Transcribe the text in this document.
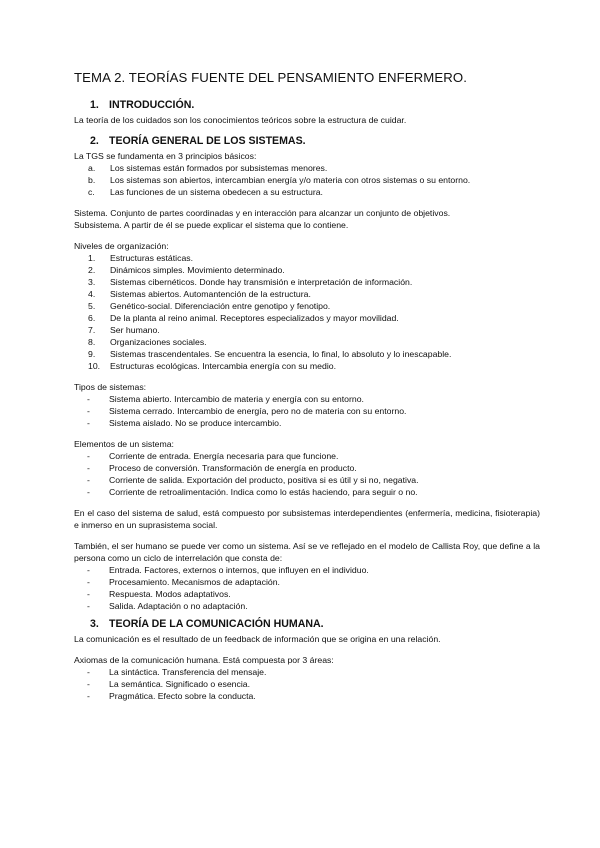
TEMA 2. TEORÍAS FUENTE DEL PENSAMIENTO ENFERMERO.
1. INTRODUCCIÓN.

La teoría de los cuidados son los conocimientos teóricos sobre la estructura de cuidar.

2. TEORÍA GENERAL DE LOS SISTEMAS.

La TGS se fundamenta en 3 principios básicos:

a.	Los sistemas están formados por subsistemas menores.
b.	Los sistemas son abiertos, intercambian energía y/o materia con otros sistemas o su entorno.
c.	Las funciones de un sistema obedecen a su estructura.

Sistema. Conjunto de partes coordinadas y en interacción para alcanzar un conjunto de objetivos.

Subsistema. A partir de él se puede explicar el sistema que lo contiene.

Niveles de organización:

1.	Estructuras estáticas.
2.	Dinámicos simples. Movimiento determinado.
3.	Sistemas cibernéticos. Donde hay transmisión e interpretación de información.
4.	Sistemas abiertos. Automantención de la estructura.
5.	Genético-social. Diferenciación entre genotipo y fenotipo.
6.	De la planta al reino animal. Receptores especializados y mayor movilidad.
7.	Ser humano.
8.	Organizaciones sociales.
9.	Sistemas trascendentales. Se encuentra la esencia, lo final, lo absoluto y lo inescapable.
10.	Estructuras ecológicas. Intercambia energía con su medio.

Tipos de sistemas:

-	Sistema abierto. Intercambio de materia y energía con su entorno.
-	Sistema cerrado. Intercambio de energía, pero no de materia con su entorno.
-	Sistema aislado. No se produce intercambio.

Elementos de un sistema:

-	Corriente de entrada. Energía necesaria para que funcione.
-	Proceso de conversión. Transformación de energía en producto.
-	Corriente de salida. Exportación del producto, positiva si es útil y si no, negativa.
-	Corriente de retroalimentación. Indica como lo estás haciendo, para seguir o no.

En el caso del sistema de salud, está compuesto por subsistemas interdependientes (enfermería, medicina, fisioterapia) e inmerso en un suprasistema social.

También, el ser humano se puede ver como un sistema. Así se ve reflejado en el modelo de Callista Roy, que define a la persona como un ciclo de interrelación que consta de:

-	Entrada. Factores, externos o internos, que influyen en el individuo.
-	Procesamiento. Mecanismos de adaptación.
-	Respuesta. Modos adaptativos.
-	Salida. Adaptación o no adaptación.
3. TEORÍA DE LA COMUNICACIÓN HUMANA.

La comunicación es el resultado de un feedback de información que se origina en una relación.

Axiomas de la comunicación humana. Está compuesta por 3 áreas:

-	La sintáctica. Transferencia del mensaje.
-	La semántica. Significado o esencia.
-	Pragmática. Efecto sobre la conducta.
